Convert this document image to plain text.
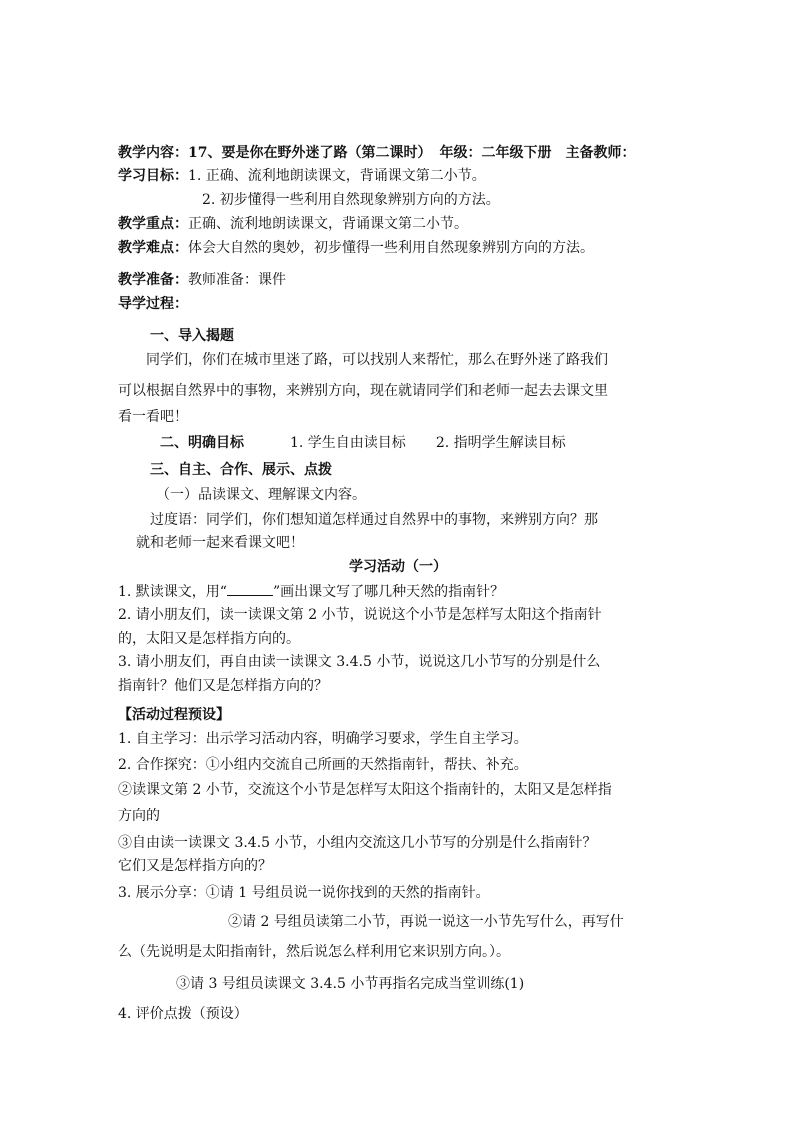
教学内容：17、要是你在野外迷了路（第二课时） 年级：二年级下册 主备教师：
学习目标：1. 正确、流利地朗读课文，背诵课文第二小节。
2. 初步懂得一些利用自然现象辨别方向的方法。
教学重点：正确、流利地朗读课文，背诵课文第二小节。
教学难点：体会大自然的奥妙，初步懂得一些利用自然现象辨别方向的方法。
教学准备：教师准备：课件
导学过程：
一、导入揭题
同学们，你们在城市里迷了路，可以找别人来帮忙，那么在野外迷了路我们
可以根据自然界中的事物，来辨别方向，现在就请同学们和老师一起去去课文里
看一看吧！
二、明确目标	1. 学生自由读目标 2. 指明学生解读目标
三、自主、合作、展示、点拨
（一）品读课文、理解课文内容。
过度语：同学们，你们想知道怎样通过自然界中的事物，来辨别方向？那
就和老师一起来看课文吧！
学习活动（一）
1. 默读课文，用“	”画出课文写了哪几种天然的指南针？
2. 请小朋友们，读一读课文第 2 小节，说说这个小节是怎样写太阳这个指南针
的，太阳又是怎样指方向的。
3. 请小朋友们，再自由读一读课文 3.4.5 小节，说说这几小节写的分别是什么
指南针？他们又是怎样指方向的？
【活动过程预设】
1. 自主学习：出示学习活动内容，明确学习要求，学生自主学习。
2. 合作探究：①小组内交流自己所画的天然指南针，帮扶、补充。
②读课文第 2 小节，交流这个小节是怎样写太阳这个指南针的，太阳又是怎样指
方向的
③自由读一读课文 3.4.5 小节，小组内交流这几小节写的分别是什么指南针？
它们又是怎样指方向的？
3. 展示分享：①请 1 号组员说一说你找到的天然的指南针。
②请 2 号组员读第二小节，再说一说这一小节先写什么，再写什
么（先说明是太阳指南针，然后说怎么样利用它来识别方向。）。
③请 3 号组员读课文 3.4.5 小节再指名完成当堂训练(1)
4. 评价点拨（预设）
